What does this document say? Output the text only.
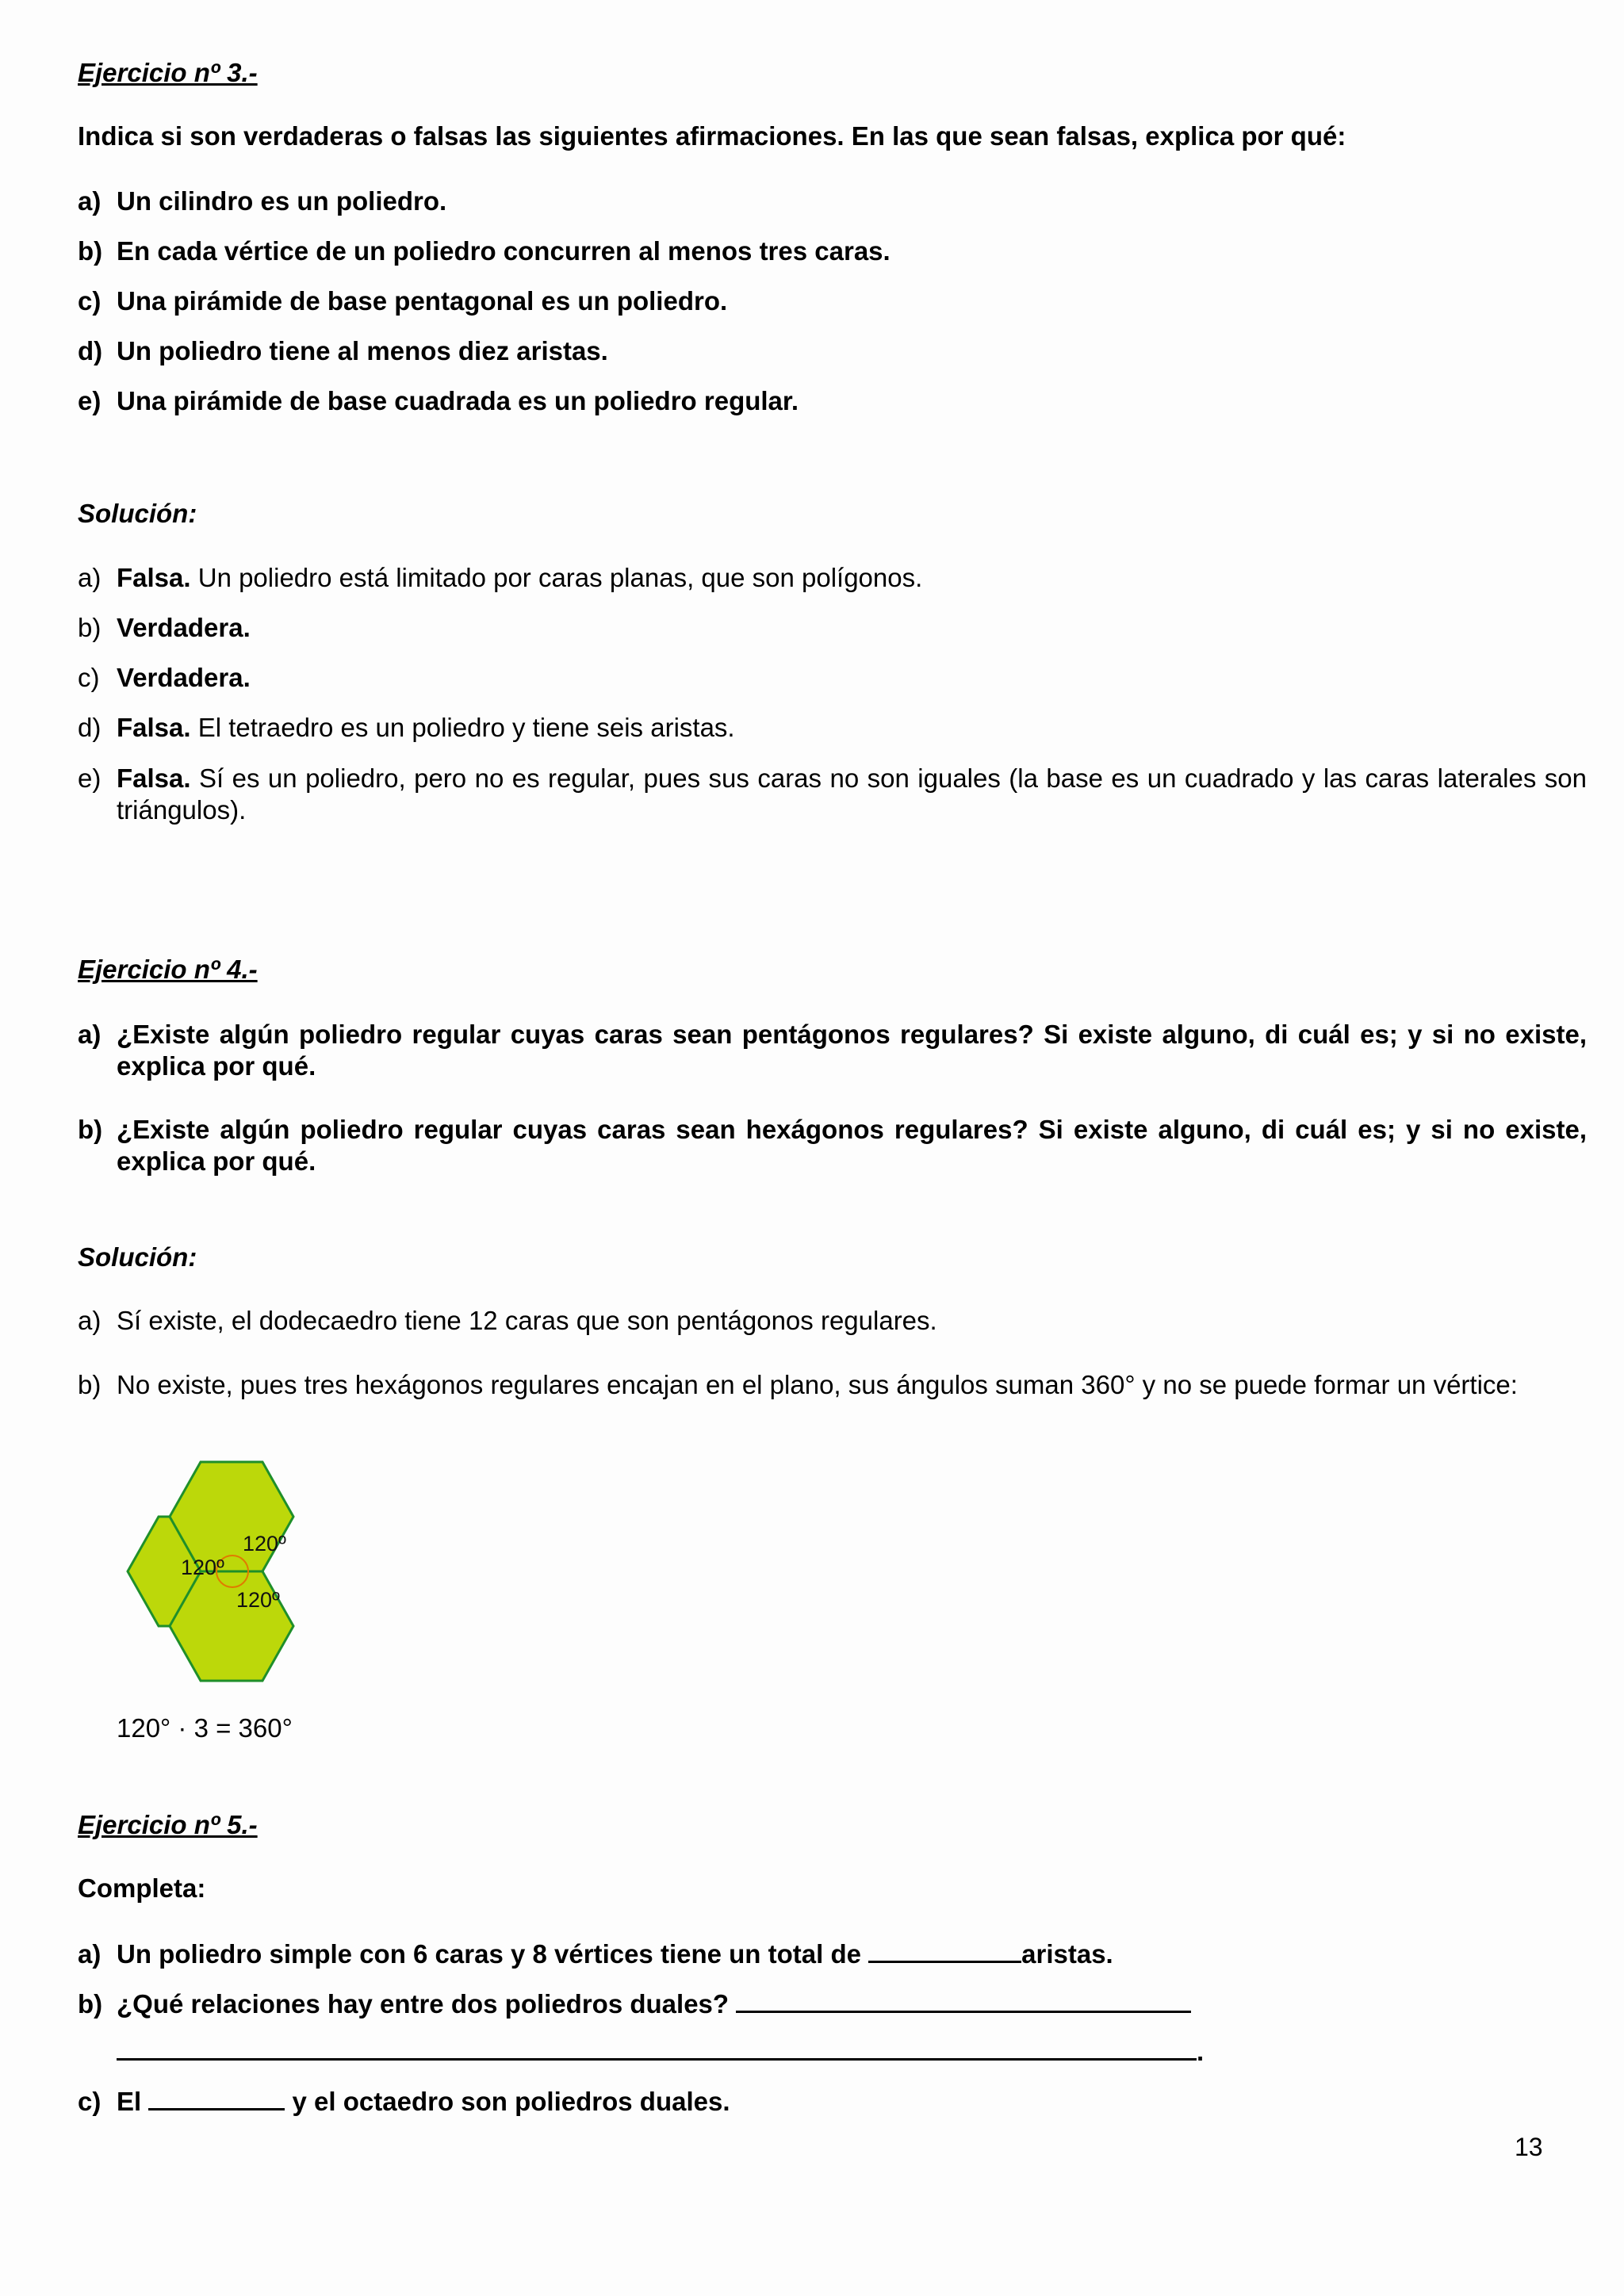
Ejercicio nº 3.-
Indica si son verdaderas o falsas las siguientes afirmaciones. En las que sean falsas, explica por qué:
a) Un cilindro es un poliedro.
b) En cada vértice de un poliedro concurren al menos tres caras.
c) Una pirámide de base pentagonal es un poliedro.
d) Un poliedro tiene al menos diez aristas.
e) Una pirámide de base cuadrada es un poliedro regular.
Solución:
a) Falsa. Un poliedro está limitado por caras planas, que son polígonos.
b) Verdadera.
c) Verdadera.
d) Falsa. El tetraedro es un poliedro y tiene seis aristas.
e) Falsa. Sí es un poliedro, pero no es regular, pues sus caras no son iguales (la base es un cuadrado y las caras laterales son triángulos).
Ejercicio nº 4.-
a) ¿Existe algún poliedro regular cuyas caras sean pentágonos regulares? Si existe alguno, di cuál es; y si no existe, explica por qué.
b) ¿Existe algún poliedro regular cuyas caras sean hexágonos regulares? Si existe alguno, di cuál es; y si no existe, explica por qué.
Solución:
a) Sí existe, el dodecaedro tiene 12 caras que son pentágonos regulares.
b) No existe, pues tres hexágonos regulares encajan en el plano, sus ángulos suman 360° y no se puede formar un vértice:
120º
120º
120º
120° · 3 = 360°
Ejercicio nº 5.-
Completa:
a) Un poliedro simple con 6 caras y 8 vértices tiene un total de	aristas.
b) ¿Qué relaciones hay entre dos poliedros duales?
.
c) El	y el octaedro son poliedros duales.
13
